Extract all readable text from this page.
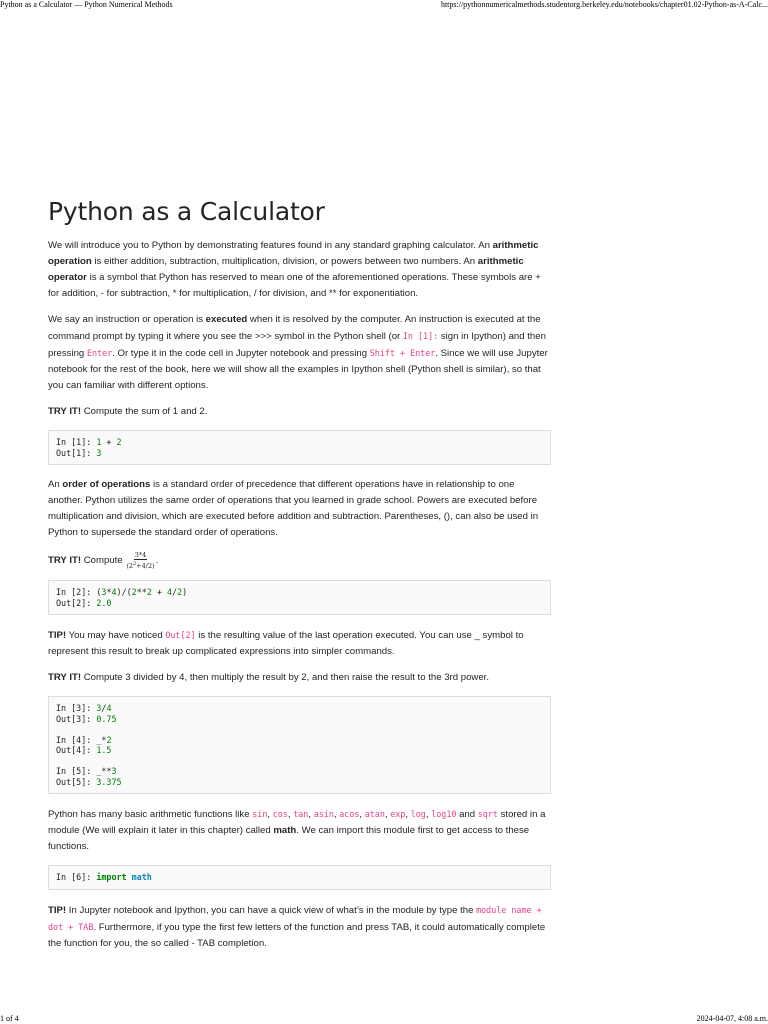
Python as a Calculator — Python Numerical Methods	https://pythonnumericalmethods.studentorg.berkeley.edu/notebooks/chapter01.02-Python-as-A-Calc...
Python as a Calculator

We will introduce you to Python by demonstrating features found in any standard graphing calculator. An arithmetic operation is either addition, subtraction, multiplication, division, or powers between two numbers. An arithmetic operator is a symbol that Python has reserved to mean one of the aforementioned operations. These symbols are + for addition, - for subtraction, * for multiplication, / for division, and ** for exponentiation.

We say an instruction or operation is executed when it is resolved by the computer. An instruction is executed at the command prompt by typing it where you see the >>> symbol in the Python shell (or In [1]: sign in Ipython) and then pressing Enter. Or type it in the code cell in Jupyter notebook and pressing Shift + Enter. Since we will use Jupyter notebook for the rest of the book, here we will show all the examples in Ipython shell (Python shell is similar), so that you can familiar with different options.

TRY IT! Compute the sum of 1 and 2.

In [1]: 1 + 2
Out[1]: 3

An order of operations is a standard order of precedence that different operations have in relationship to one another. Python utilizes the same order of operations that you learned in grade school. Powers are executed before multiplication and division, which are executed before addition and subtraction. Parentheses, (), can also be used in Python to supersede the standard order of operations.

TRY IT! Compute $\frac{3*4}{(2^2+4/2)}$ .

In [2]: (3*4)/(2**2 + 4/2)
Out[2]: 2.0

TIP! You may have noticed Out[2] is the resulting value of the last operation executed. You can use _ symbol to represent this result to break up complicated expressions into simpler commands.

TRY IT! Compute 3 divided by 4, then multiply the result by 2, and then raise the result to the 3rd power.

In [3]: 3/4
Out[3]: 0.75

In [4]: _*2
Out[4]: 1.5

In [5]: _**3
Out[5]: 3.375

Python has many basic arithmetic functions like sin, cos, tan, asin, acos, atan, exp, log, log10 and sqrt stored in a module (We will explain it later in this chapter) called math. We can import this module first to get access to these functions.

In [6]: import math

TIP! In Jupyter notebook and Ipython, you can have a quick view of what’s in the module by type the module name + dot + TAB. Furthermore, if you type the first few letters of the function and press TAB, it could automatically complete the function for you, the so called - TAB completion.

1 of 4	2024-04-07, 4:08 a.m.
